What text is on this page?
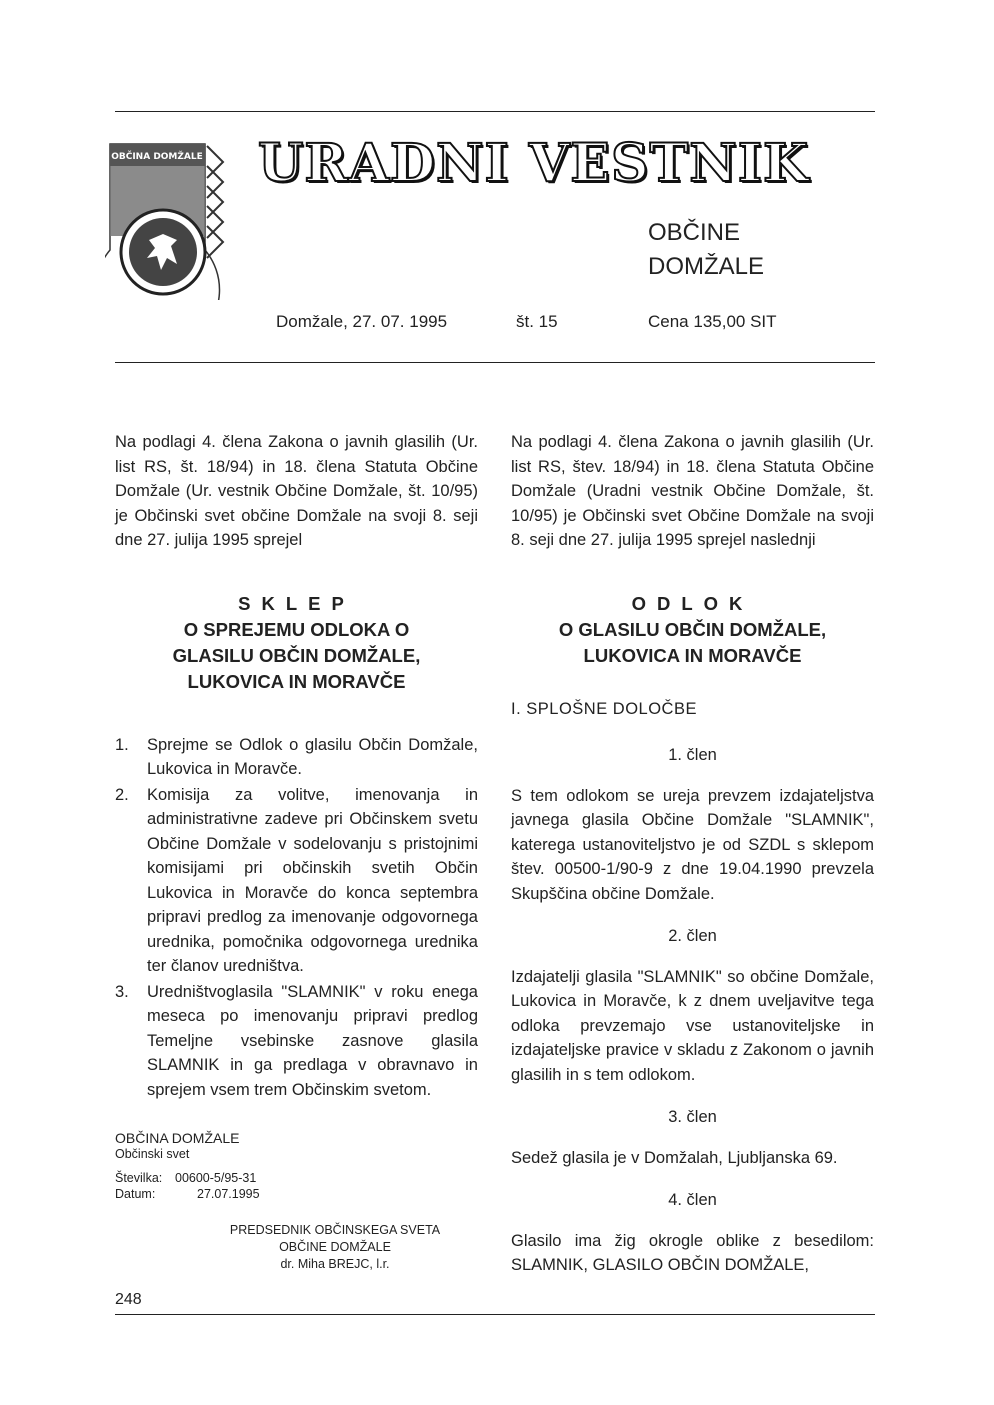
OBČINA DOMŽALE URADNI VESTNIK
OBČINE
DOMŽALE
Domžale, 27. 07. 1995	št. 15	Cena 135,00 SIT

Na podlagi 4. člena Zakona o javnih glasilih (Ur. list RS, št. 18/94) in 18. člena Statuta Občine Domžale (Ur. vestnik Občine Domžale, št. 10/95) je Občinski svet občine Domžale na svoji 8. seji dne 27. julija 1995 sprejel

SKLEP
O SPREJEMU ODLOKA O
GLASILU OBČIN DOMŽALE,
LUKOVICA IN MORAVČE
1. Sprejme se Odlok o glasilu Občin Domžale, Lukovica in Moravče.
2. Komisija za volitve, imenovanja in administrativne zadeve pri Občinskem svetu Občine Domžale v sodelovanju s pristojnimi komisijami pri občinskih svetih Občin Lukovica in Moravče do konca septembra pripravi predlog za imenovanje odgovornega urednika, pomočnika odgovornega urednika ter članov uredništva.
3. Uredništvoglasila "SLAMNIK" v roku enega meseca po imenovanju pripravi predlog Temeljne vsebinske zasnove glasila SLAMNIK in ga predlaga v obravnavo in sprejem vsem trem Občinskim svetom.
OBČINA DOMŽALE
Občinski svet
Številka:	00600-5/95-31
Datum:	27.07.1995
PREDSEDNIK OBČINSKEGA SVETA
OBČINE DOMŽALE
dr. Miha BREJC, l.r.

Na podlagi 4. člena Zakona o javnih glasilih (Ur. list RS, štev. 18/94) in 18. člena Statuta Občine Domžale (Uradni vestnik Občine Domžale, št. 10/95) je Občinski svet Občine Domžale na svoji 8. seji dne 27. julija 1995 sprejel naslednji

ODLOK
O GLASILU OBČIN DOMŽALE,
LUKOVICA IN MORAVČE
I. SPLOŠNE DOLOČBE
1. člen

S tem odlokom se ureja prevzem izdajateljstva javnega glasila Občine Domžale "SLAMNIK", katerega ustanoviteljstvo je od SZDL s sklepom štev. 00500-1/90-9 z dne 19.04.1990 prevzela Skupščina občine Domžale.

2. člen

Izdajatelji glasila "SLAMNIK" so občine Domžale, Lukovica in Moravče, k z dnem uveljavitve tega odloka prevzemajo vse ustanoviteljske in izdajateljske pravice v skladu z Zakonom o javnih glasilih in s tem odlokom.

3. člen

Sedež glasila je v Domžalah, Ljubljanska 69.

4. člen

Glasilo ima žig okrogle oblike z besedilom: SLAMNIK, GLASILO OBČIN DOMŽALE,

248
